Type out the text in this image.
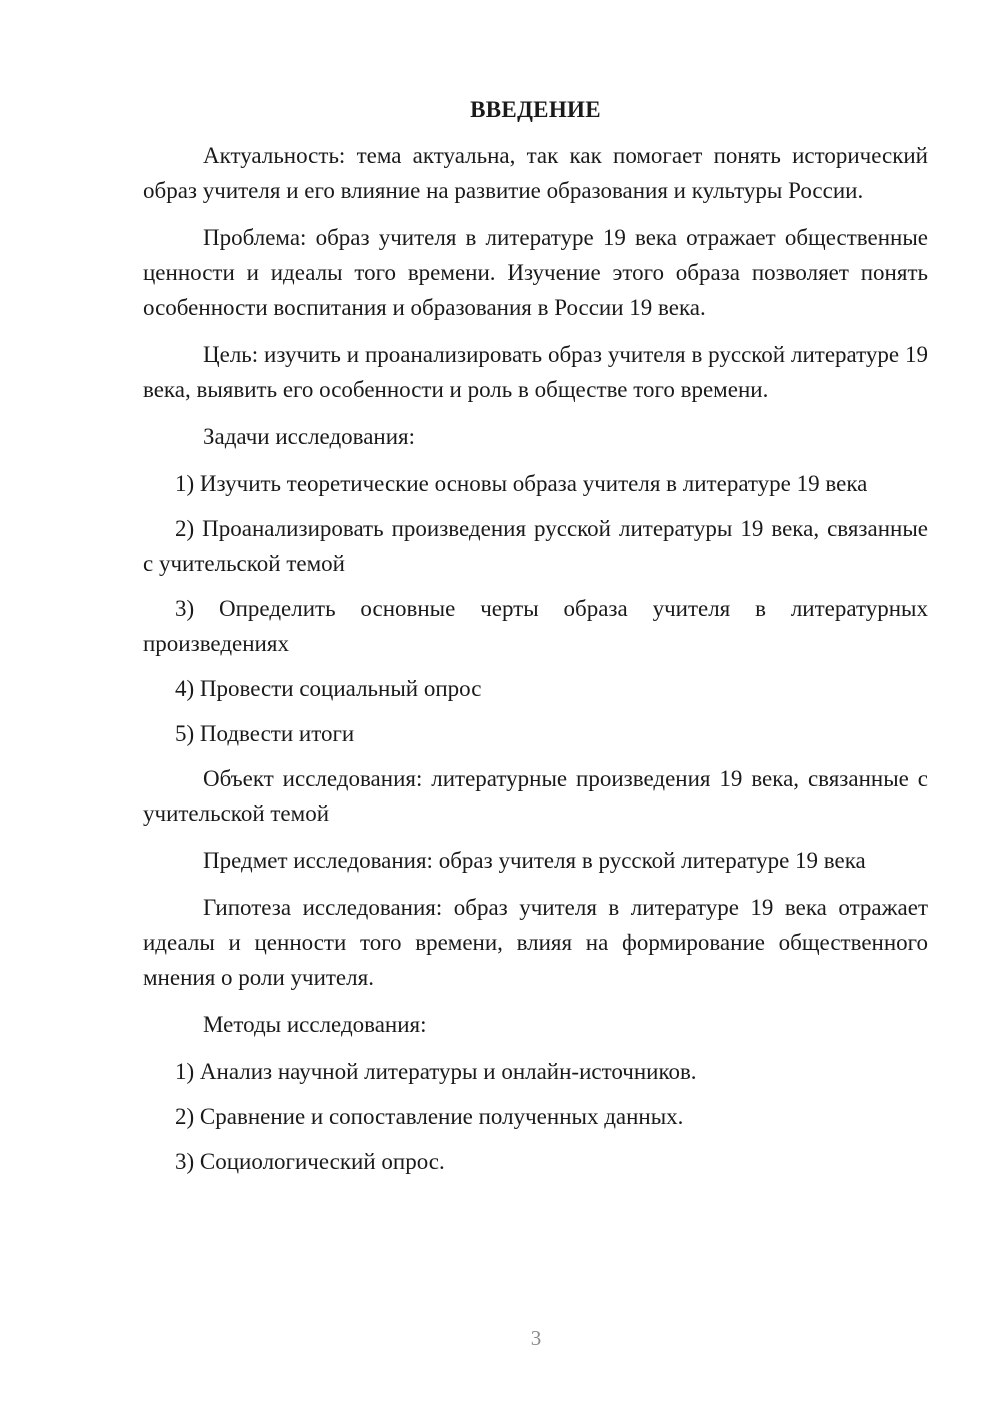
ВВЕДЕНИЕ

Актуальность: тема актуальна, так как помогает понять исторический образ учителя и его влияние на развитие образования и культуры России.

Проблема: образ учителя в литературе 19 века отражает общественные ценности и идеалы того времени. Изучение этого образа позволяет понять особенности воспитания и образования в России 19 века.

Цель: изучить и проанализировать образ учителя в русской литературе 19 века, выявить его особенности и роль в обществе того времени.

Задачи исследования:

1) Изучить теоретические основы образа учителя в литературе 19 века

2) Проанализировать произведения русской литературы 19 века, связанные с учительской темой

3) Определить основные черты образа учителя в литературных произведениях

4) Провести социальный опрос

5) Подвести итоги

Объект исследования: литературные произведения 19 века, связанные с учительской темой

Предмет исследования: образ учителя в русской литературе 19 века

Гипотеза исследования: образ учителя в литературе 19 века отражает идеалы и ценности того времени, влияя на формирование общественного мнения о роли учителя.

Методы исследования:

1) Анализ научной литературы и онлайн-источников.

2) Сравнение и сопоставление полученных данных.

3) Социологический опрос.

3
